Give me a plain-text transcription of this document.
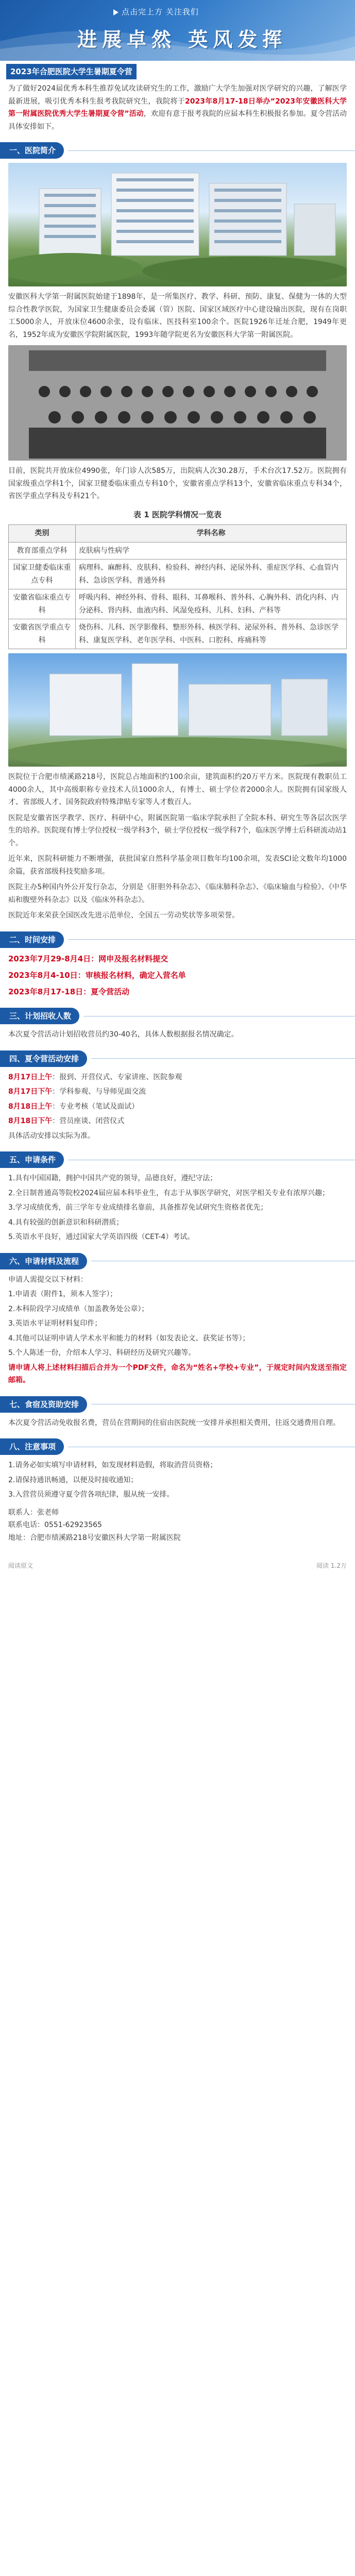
点击完上方 关注我们
进展卓然 英风发挥
2023年合肥医院大学生暑期夏令营
为了做好2024届优秀本科生推荐免试攻读研究生的工作，激励广大学生加强对医学研究的兴趣，了解医学最新进展，吸引优秀本科生报考我院研究生，我院将于2023年8月17-18日举办“2023年安徽医科大学第一附属医院优秀大学生暑期夏令营”活动，欢迎有意于报考我院的应届本科生积极报名参加。夏令营活动具体安排如下。
一、医院简介

安徽医科大学第一附属医院始建于1898年，是一所集医疗、教学、科研、预防、康复、保健为一体的大型综合性教学医院，为国家卫生健康委员会委属（管）医院、国家区域医疗中心建设输出医院，现有在岗职工5000余人，开放床位4600余张，设有临床、医技科室100余个。医院1926年迁址合肥，1949年更名，1952年成为安徽医学院附属医院，1993年随学院更名为安徽医科大学第一附属医院。

目前，医院共开放床位4990张，年门诊人次585万，出院病人次30.28万，手术台次17.52万。医院拥有国家级重点学科1个，国家卫健委临床重点专科10个，安徽省重点学科13个，安徽省临床重点专科34个，省医学重点学科及专科21个。

表 1 医院学科情况一览表
类别	学科名称
教育部重点学科	皮肤病与性病学
国家卫健委临床重点专科	病理科、麻醉科、皮肤科、检验科、神经内科、泌尿外科、重症医学科、心血管内科、急诊医学科、普通外科
安徽省临床重点专科	呼吸内科、神经外科、骨科、眼科、耳鼻喉科、普外科、心胸外科、消化内科、内分泌科、肾内科、血液内科、风湿免疫科、儿科、妇科、产科等
安徽省医学重点专科	烧伤科、儿科、医学影像科、整形外科、核医学科、泌尿外科、普外科、急诊医学科、康复医学科、老年医学科、中医科、口腔科、疼痛科等

医院位于合肥市绩溪路218号，医院总占地面积约100余亩，建筑面积约20万平方米。医院现有教职员工4000余人，其中高级职称专业技术人员1000余人，有博士、硕士学位者2000余人。医院拥有国家级人才、省部级人才、国务院政府特殊津贴专家等人才数百人。

医院是安徽省医学教学、医疗、科研中心，附属医院第一临床学院承担了全院本科、研究生等各层次医学生的培养。医院现有博士学位授权一级学科3个，硕士学位授权一级学科7个，临床医学博士后科研流动站1个。

近年来，医院科研能力不断增强，获批国家自然科学基金项目数年均100余项，发表SCI论文数年均1000余篇，获省部级科技奖励多项。

医院主办5种国内外公开发行杂志，分别是《肝胆外科杂志》、《临床肺科杂志》、《临床输血与检验》、《中华疝和腹壁外科杂志》以及《临床外科杂志》。

医院近年来荣获全国医改先进示范单位、全国五一劳动奖状等多项荣誉。

二、时间安排
2023年7月29-8月4日：网申及报名材料提交
2023年8月4-10日：审核报名材料，确定入营名单
2023年8月17-18日：夏令营活动
三、计划招收人数

本次夏令营活动计划招收营员约30-40名，具体人数根据报名情况确定。

四、夏令营活动安排
8月17日上午：报到、开营仪式、专家讲座、医院参观
8月17日下午：学科参观、与导师见面交流
8月18日上午：专业考核（笔试及面试）
8月18日下午：营员座谈、闭营仪式
具体活动安排以实际为准。
五、申请条件
1.具有中国国籍，拥护中国共产党的领导，品德良好，遵纪守法；
2.全日制普通高等院校2024届应届本科毕业生，有志于从事医学研究，对医学相关专业有浓厚兴趣；
3.学习成绩优秀，前三学年专业成绩排名靠前，具备推荐免试研究生资格者优先；
4.具有较强的创新意识和科研潜质；
5.英语水平良好，通过国家大学英语四级（CET-4）考试。
六、申请材料及流程
申请人需提交以下材料：
1.申请表（附件1，须本人签字）；
2.本科阶段学习成绩单（加盖教务处公章）；
3.英语水平证明材料复印件；
4.其他可以证明申请人学术水平和能力的材料（如发表论文、获奖证书等）；
5.个人陈述一份，介绍本人学习、科研经历及研究兴趣等。

请申请人将上述材料扫描后合并为一个PDF文件，命名为“姓名+学校+专业”，于规定时间内发送至指定邮箱。

七、食宿及资助安排

本次夏令营活动免收报名费，营员在营期间的住宿由医院统一安排并承担相关费用，往返交通费用自理。

八、注意事项
1.请务必如实填写申请材料，如发现材料造假，将取消营员资格；
2.请保持通讯畅通，以便及时接收通知；
3.入营营员须遵守夏令营各项纪律，服从统一安排。
联系人：张老师
联系电话：0551-62923565
地址：合肥市绩溪路218号安徽医科大学第一附属医院
阅读原文	阅读 1.2万
